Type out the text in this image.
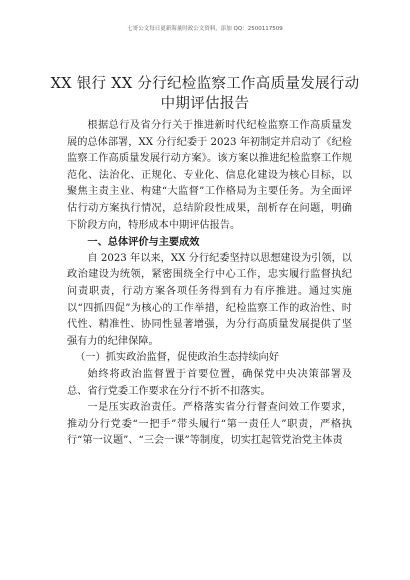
七哥公文每日更新海量时政公文资料，添加 QQ：2500117509
XX 银行 XX 分行纪检监察工作高质量发展行动中期评估报告

根据总行及省分行关于推进新时代纪检监察工作高质量发展的总体部署，XX 分行纪委于 2023 年初制定并启动了《纪检监察工作高质量发展行动方案》。该方案以推进纪检监察工作规范化、法治化、正规化、专业化、信息化建设为核心目标，以聚焦主责主业、构建“大监督”工作格局为主要任务。为全面评估行动方案执行情况，总结阶段性成果，剖析存在问题，明确下阶段方向，特形成本中期评估报告。

一、总体评价与主要成效

自 2023 年以来，XX 分行纪委坚持以思想建设为引领，以政治建设为统领，紧密围绕全行中心工作，忠实履行监督执纪问责职责，行动方案各项任务得到有力有序推进。通过实施以“四抓四促”为核心的工作举措，纪检监察工作的政治性、时代性、精准性、协同性显著增强，为分行高质量发展提供了坚强有力的纪律保障。

（一）抓实政治监督，促使政治生态持续向好

始终将政治监督置于首要位置，确保党中央决策部署及总、省行党委工作要求在分行不折不扣落实。

一是压实政治责任。严格落实省分行督查问效工作要求，推动分行党委“一把手”带头履行“第一责任人”职责，严格执行“第一议题”、“三会一课”等制度，切实扛起管党治党主体责
